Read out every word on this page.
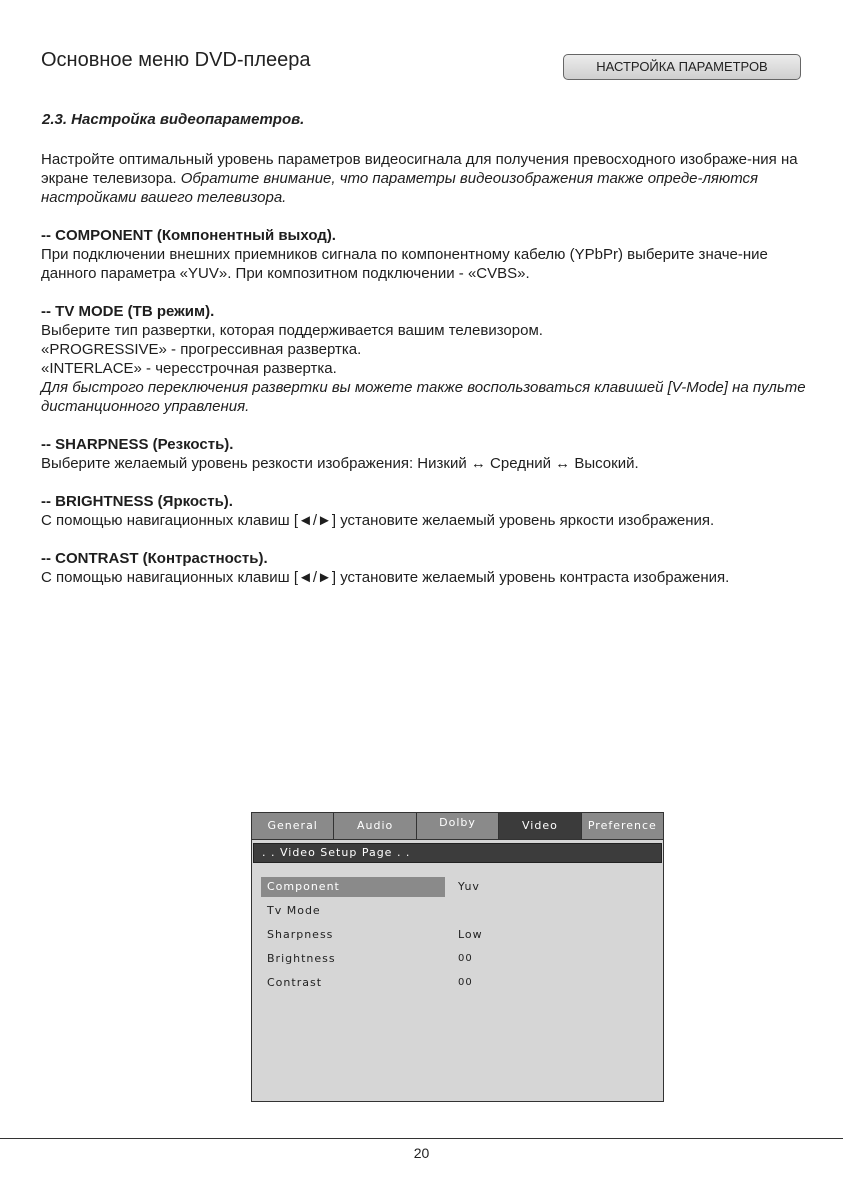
Основное меню DVD-плеера	НАСТРОЙКА ПАРАМЕТРОВ
2.3. Настройка видеопараметров.

Настройте оптимальный уровень параметров видеосигнала для получения превосходного изображе-ния на экране телевизора. Обратите внимание, что параметры видеоизображения также опреде-ляются настройками вашего телевизора.

-- COMPONENT (Компонентный выход).

При подключении внешних приемников сигнала по компонентному кабелю (YPbPr) выберите значе-ние данного параметра «YUV». При композитном подключении - «CVBS».

-- TV MODE (ТВ режим).

Выберите тип развертки, которая поддерживается вашим телевизором.

«PROGRESSIVE» - прогрессивная развертка.

«INTERLACE» - чересстрочная развертка.

Для быстрого переключения развертки вы можете также воспользоваться клавишей [V-Mode] на пульте дистанционного управления.

-- SHARPNESS (Резкость).

Выберите желаемый уровень резкости изображения: Низкий ↔ Средний ↔ Высокий.

-- BRIGHTNESS (Яркость).

С помощью навигационных клавиш [◄/►] установите желаемый уровень яркости изображения.

-- CONTRAST (Контрастность).

С помощью навигационных клавиш [◄/►] установите желаемый уровень контраста изображения.

General	Audio	Dolby	Video	Preference
. . Video Setup Page . .
Component	Yuv
Tv Mode
Sharpness	Low
Brightness	00
Contrast	00
20
